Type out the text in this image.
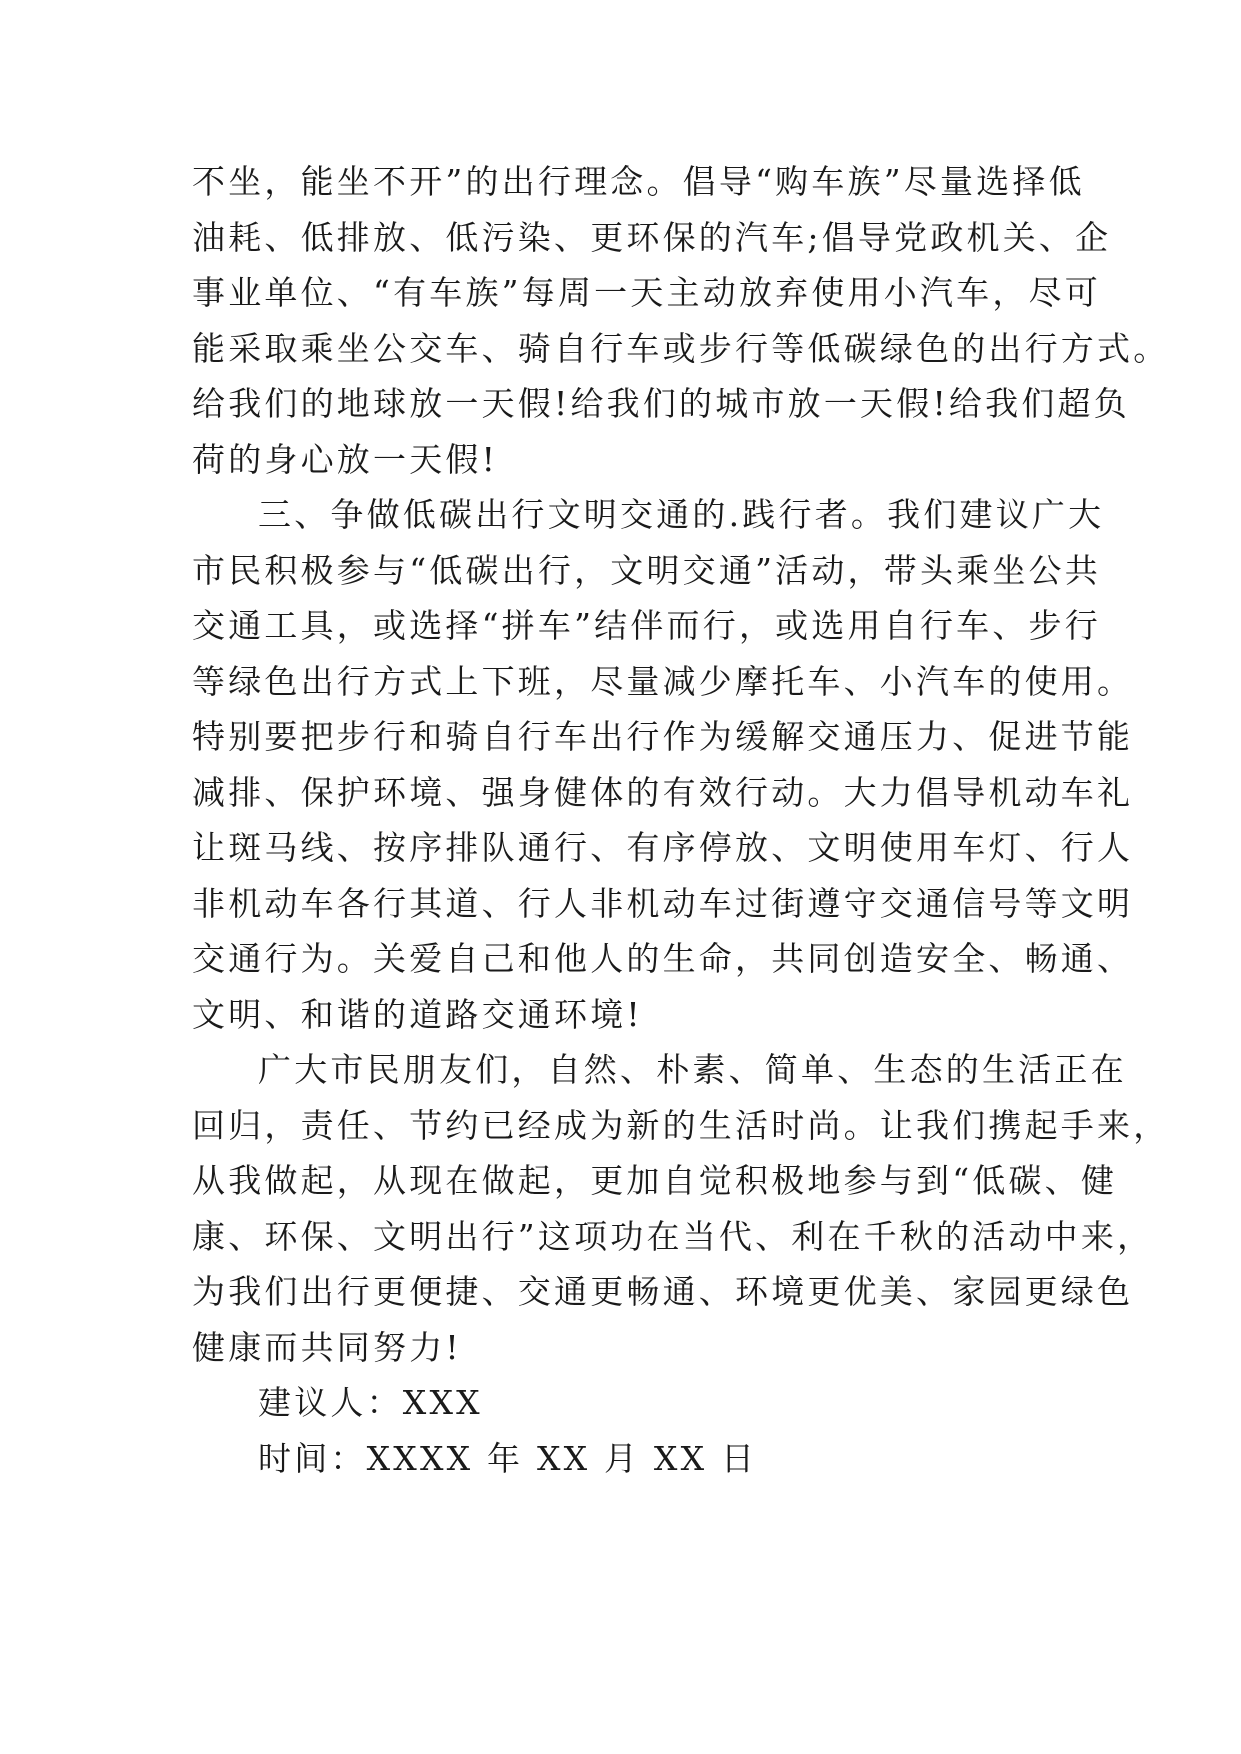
不坐，能坐不开”的出行理念。倡导“购车族”尽量选择低
油耗、低排放、低污染、更环保的汽车;倡导党政机关、企
事业单位、“有车族”每周一天主动放弃使用小汽车，尽可
能采取乘坐公交车、骑自行车或步行等低碳绿色的出行方式。
给我们的地球放一天假!给我们的城市放一天假!给我们超负
荷的身心放一天假!
三、争做低碳出行文明交通的.践行者。我们建议广大
市民积极参与“低碳出行，文明交通”活动，带头乘坐公共
交通工具，或选择“拼车”结伴而行，或选用自行车、步行
等绿色出行方式上下班，尽量减少摩托车、小汽车的使用。
特别要把步行和骑自行车出行作为缓解交通压力、促进节能
减排、保护环境、强身健体的有效行动。大力倡导机动车礼
让斑马线、按序排队通行、有序停放、文明使用车灯、行人
非机动车各行其道、行人非机动车过街遵守交通信号等文明
交通行为。关爱自己和他人的生命，共同创造安全、畅通、
文明、和谐的道路交通环境!
广大市民朋友们，自然、朴素、简单、生态的生活正在
回归，责任、节约已经成为新的生活时尚。让我们携起手来，
从我做起，从现在做起，更加自觉积极地参与到“低碳、健
康、环保、文明出行”这项功在当代、利在千秋的活动中来，
为我们出行更便捷、交通更畅通、环境更优美、家园更绿色
健康而共同努力!
建议人：XXX
时间：XXXX 年 XX 月 XX 日
